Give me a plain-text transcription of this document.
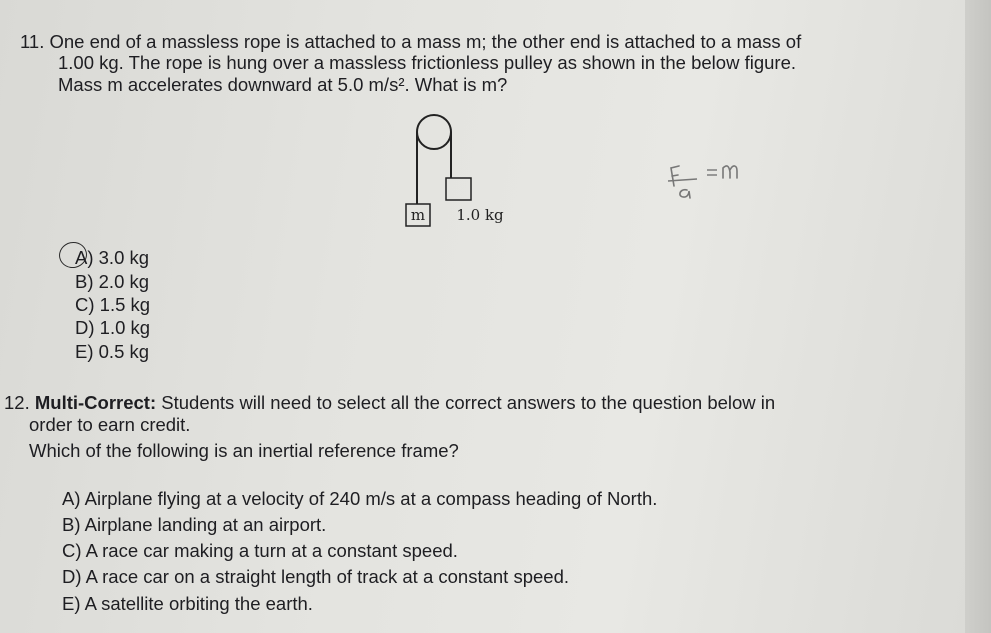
11. One end of a massless rope is attached to a mass m; the other end is attached to a mass of
1.00 kg. The rope is hung over a massless frictionless pulley as shown in the below figure.
Mass m accelerates downward at 5.0 m/s². What is m?
m 1.0 kg
A) 3.0 kg
B) 2.0 kg
C) 1.5 kg
D) 1.0 kg
E) 0.5 kg
12. Multi-Correct: Students will need to select all the correct answers to the question below in
order to earn credit.
Which of the following is an inertial reference frame?
A) Airplane flying at a velocity of 240 m/s at a compass heading of North.
B) Airplane landing at an airport.
C) A race car making a turn at a constant speed.
D) A race car on a straight length of track at a constant speed.
E) A satellite orbiting the earth.
